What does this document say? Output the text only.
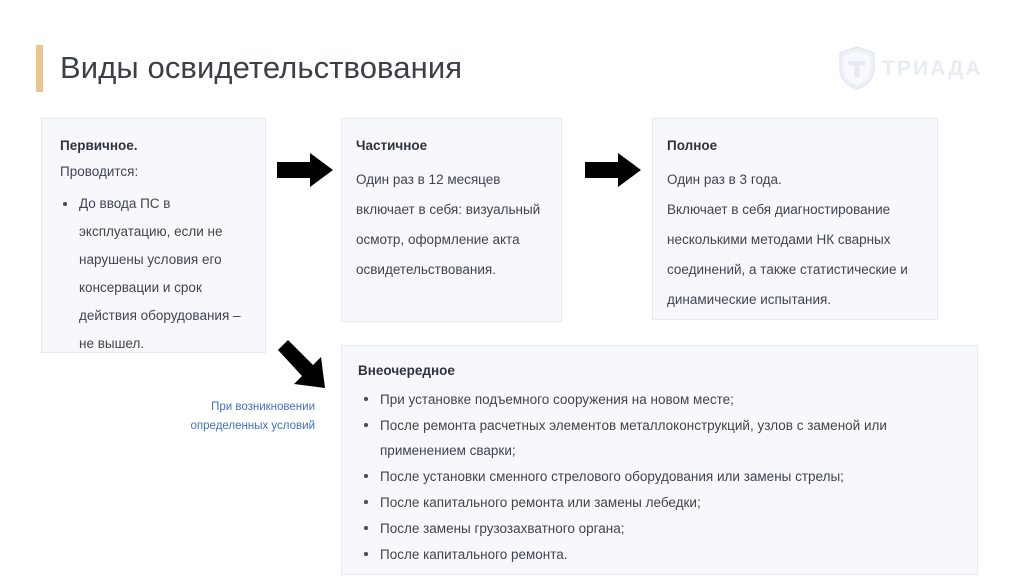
Виды освидетельствования	ТРИАДА

Первичное.

Проводится:

До ввода ПС в эксплуатацию, если не нарушены условия его консервации и срок действия оборудования – не вышел.

Частичное

Один раз в 12 месяцев включает в себя: визуальный осмотр, оформление акта освидетельствования.

Полное

Один раз в 3 года.

Включает в себя диагностирование несколькими методами НК сварных соединений, а также статистические и динамические испытания.

При возникновении определенных условий

Внеочередное

При установке подъемного сооружения на новом месте;
После ремонта расчетных элементов металлоконструкций, узлов с заменой или применением сварки;
После установки сменного стрелового оборудования или замены стрелы;
После капитального ремонта или замены лебедки;
После замены грузозахватного органа;
После капитального ремонта.
